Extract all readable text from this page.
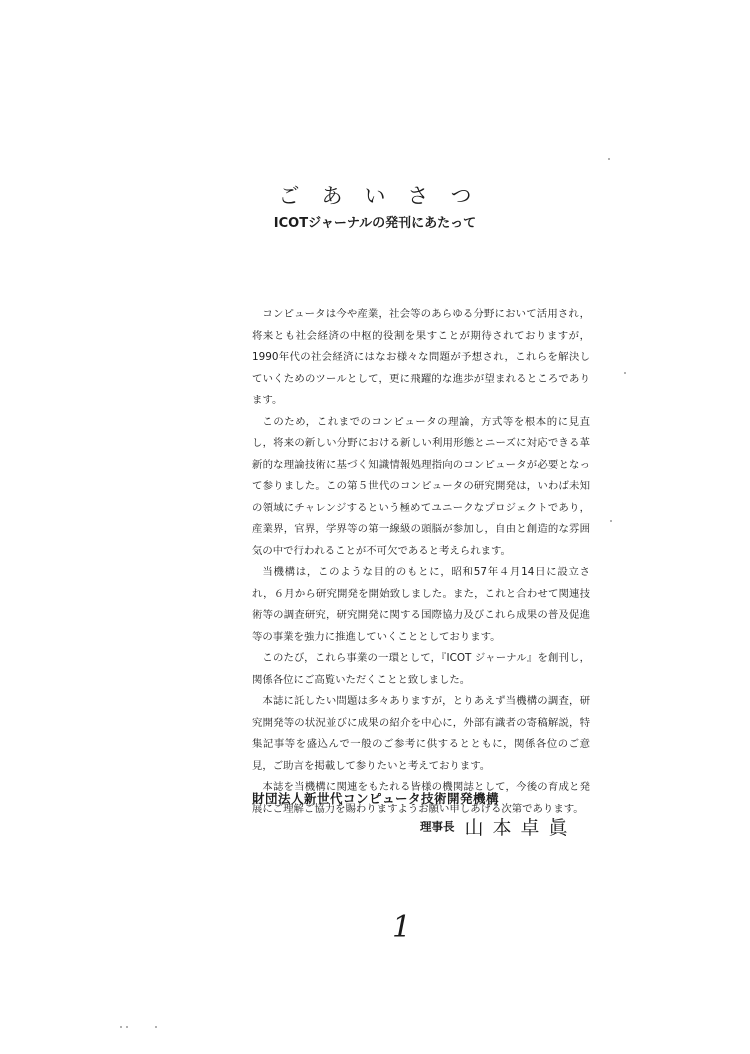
ごあいさつ
ICOTジャーナルの発刊にあたって

コンピュータは今や産業，社会等のあらゆる分野において活用され，将来とも社会経済の中枢的役割を果すことが期待されておりますが，1990年代の社会経済にはなお様々な問題が予想され，これらを解決していくためのツールとして，更に飛躍的な進歩が望まれるところであります。

このため，これまでのコンピュータの理論，方式等を根本的に見直し，将来の新しい分野における新しい利用形態とニーズに対応できる革新的な理論技術に基づく知識情報処理指向のコンピュータが必要となって参りました。この第５世代のコンピュータの研究開発は，いわば未知の領域にチャレンジするという極めてユニークなプロジェクトであり，産業界，官界，学界等の第一線級の頭脳が参加し，自由と創造的な雰囲気の中で行われることが不可欠であると考えられます。

当機構は，このような目的のもとに，昭和57年４月14日に設立され，６月から研究開発を開始致しました。また，これと合わせて関連技術等の調査研究，研究開発に関する国際協力及びこれら成果の普及促進等の事業を強力に推進していくこととしております。

このたび，これら事業の一環として，『ICOT ジャーナル』を創刊し，関係各位にご高覧いただくことと致しました。

本誌に託したい問題は多々ありますが，とりあえず当機構の調査，研究開発等の状況並びに成果の紹介を中心に，外部有識者の寄稿解説，特集記事等を盛込んで一般のご参考に供するとともに，関係各位のご意見，ご助言を掲載して参りたいと考えております。

本誌を当機構に関連をもたれる皆様の機関誌として，今後の育成と発展にご理解ご協力を賜わりますようお願い申しあげる次第であります。

財団法人新世代コンピュータ技術開発機構
理事長 山本卓眞
1
